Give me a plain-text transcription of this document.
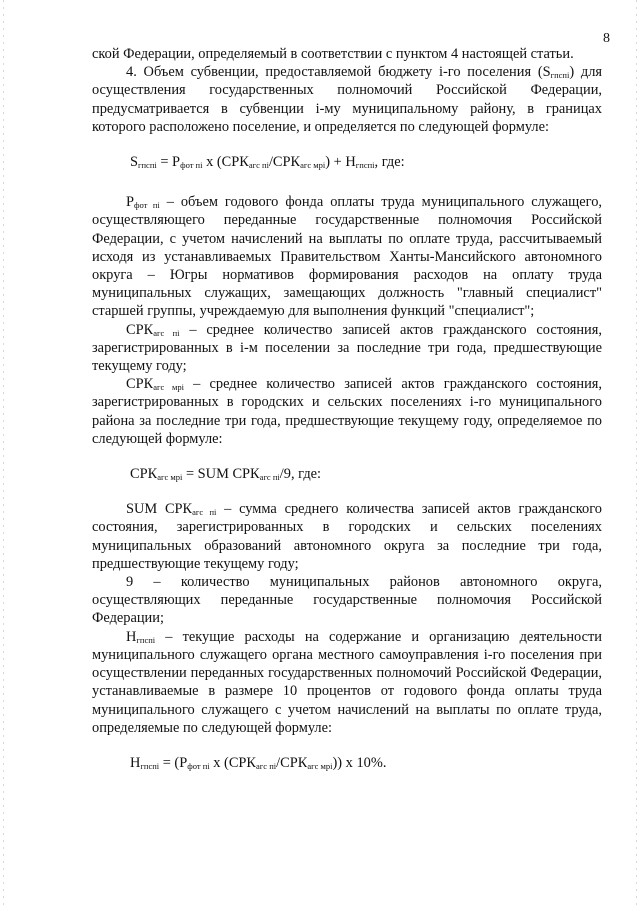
8

ской Федерации, определяемый в соответствии с пунктом 4 настоящей статьи.

4. Объем субвенции, предоставляемой бюджету i-го поселения $(S_{гпспi})$ для осуществления государственных полномочий Российской Федерации, предусматривается в субвенции i-му муниципальному району, в границах которого расположено поселение, и определяется по следующей формуле:

$S_{гпспi} = Р_{фот пi}$ x $(СРК_{агс пi}/СРК_{агс мpi}) + Н_{гпспi}$, где:

$Р_{фот пi}$ – объем годового фонда оплаты труда муниципального служащего, осуществляющего переданные государственные полномочия Российской Федерации, с учетом начислений на выплаты по оплате труда, рассчитываемый исходя из устанавливаемых Правительством Ханты-Мансийского автономного округа – Югры нормативов формирования расходов на оплату труда муниципальных служащих, замещающих должность "главный специалист" старшей группы, учреждаемую для выполнения функций "специалист";

$СРК_{агс пi}$ – среднее количество записей актов гражданского состояния, зарегистрированных в i-м поселении за последние три года, предшествующие текущему году;

$СРК_{агс мpi}$ – среднее количество записей актов гражданского состояния, зарегистрированных в городских и сельских поселениях i-го муниципального района за последние три года, предшествующие текущему году, определяемое по следующей формуле:

$СРК_{агс мpi}$ = SUM $СРК_{агс пi}/9$, где:

SUM $СРК_{агс пi}$ – сумма среднего количества записей актов гражданского состояния, зарегистрированных в городских и сельских поселениях муниципальных образований автономного округа за последние три года, предшествующие текущему году;

9 – количество муниципальных районов автономного округа, осуществляющих переданные государственные полномочия Российской Федерации;

$Н_{гпспi}$ – текущие расходы на содержание и организацию деятельности муниципального служащего органа местного самоуправления i-го поселения при осуществлении переданных государственных полномочий Российской Федерации, устанавливаемые в размере 10 процентов от годового фонда оплаты труда муниципального служащего с учетом начислений на выплаты по оплате труда, определяемые по следующей формуле:

$Н_{гпспi} = (Р_{фот пi}$ x $(СРК_{агс пi}/СРК_{агс мpi})$) x 10%.
